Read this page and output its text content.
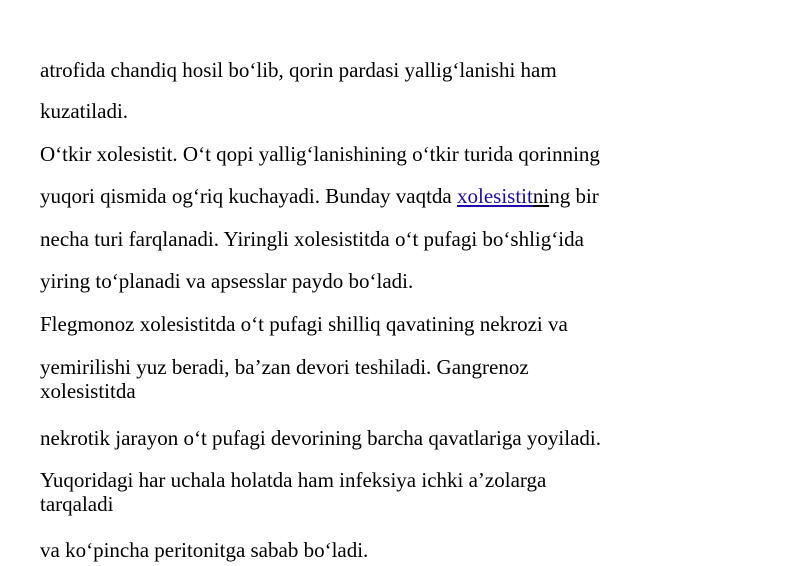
atrofida chandiq hosil bo‘lib, qorin pardasi yallig‘lanishi ham
kuzatiladi.
O‘tkir xolesistit. O‘t qopi yallig‘lanishining o‘tkir turida qorinning
yuqori qismida og‘riq kuchayadi. Bunday vaqtda xolesistitning bir
necha turi farqlanadi. Yiringli xolesistitda o‘t pufagi bo‘shlig‘ida
yiring to‘planadi va apsesslar paydo bo‘ladi.
Flegmonoz xolesistitda o‘t pufagi shilliq qavatining nekrozi va
yemirilishi yuz beradi, ba’zan devori teshiladi. Gangrenoz
xolesistitda
nekrotik jarayon o‘t pufagi devorining barcha qavatlariga yoyiladi.
Yuqoridagi har uchala holatda ham infeksiya ichki a’zolarga
tarqaladi
va ko‘pincha peritonitga sabab bo‘ladi.
